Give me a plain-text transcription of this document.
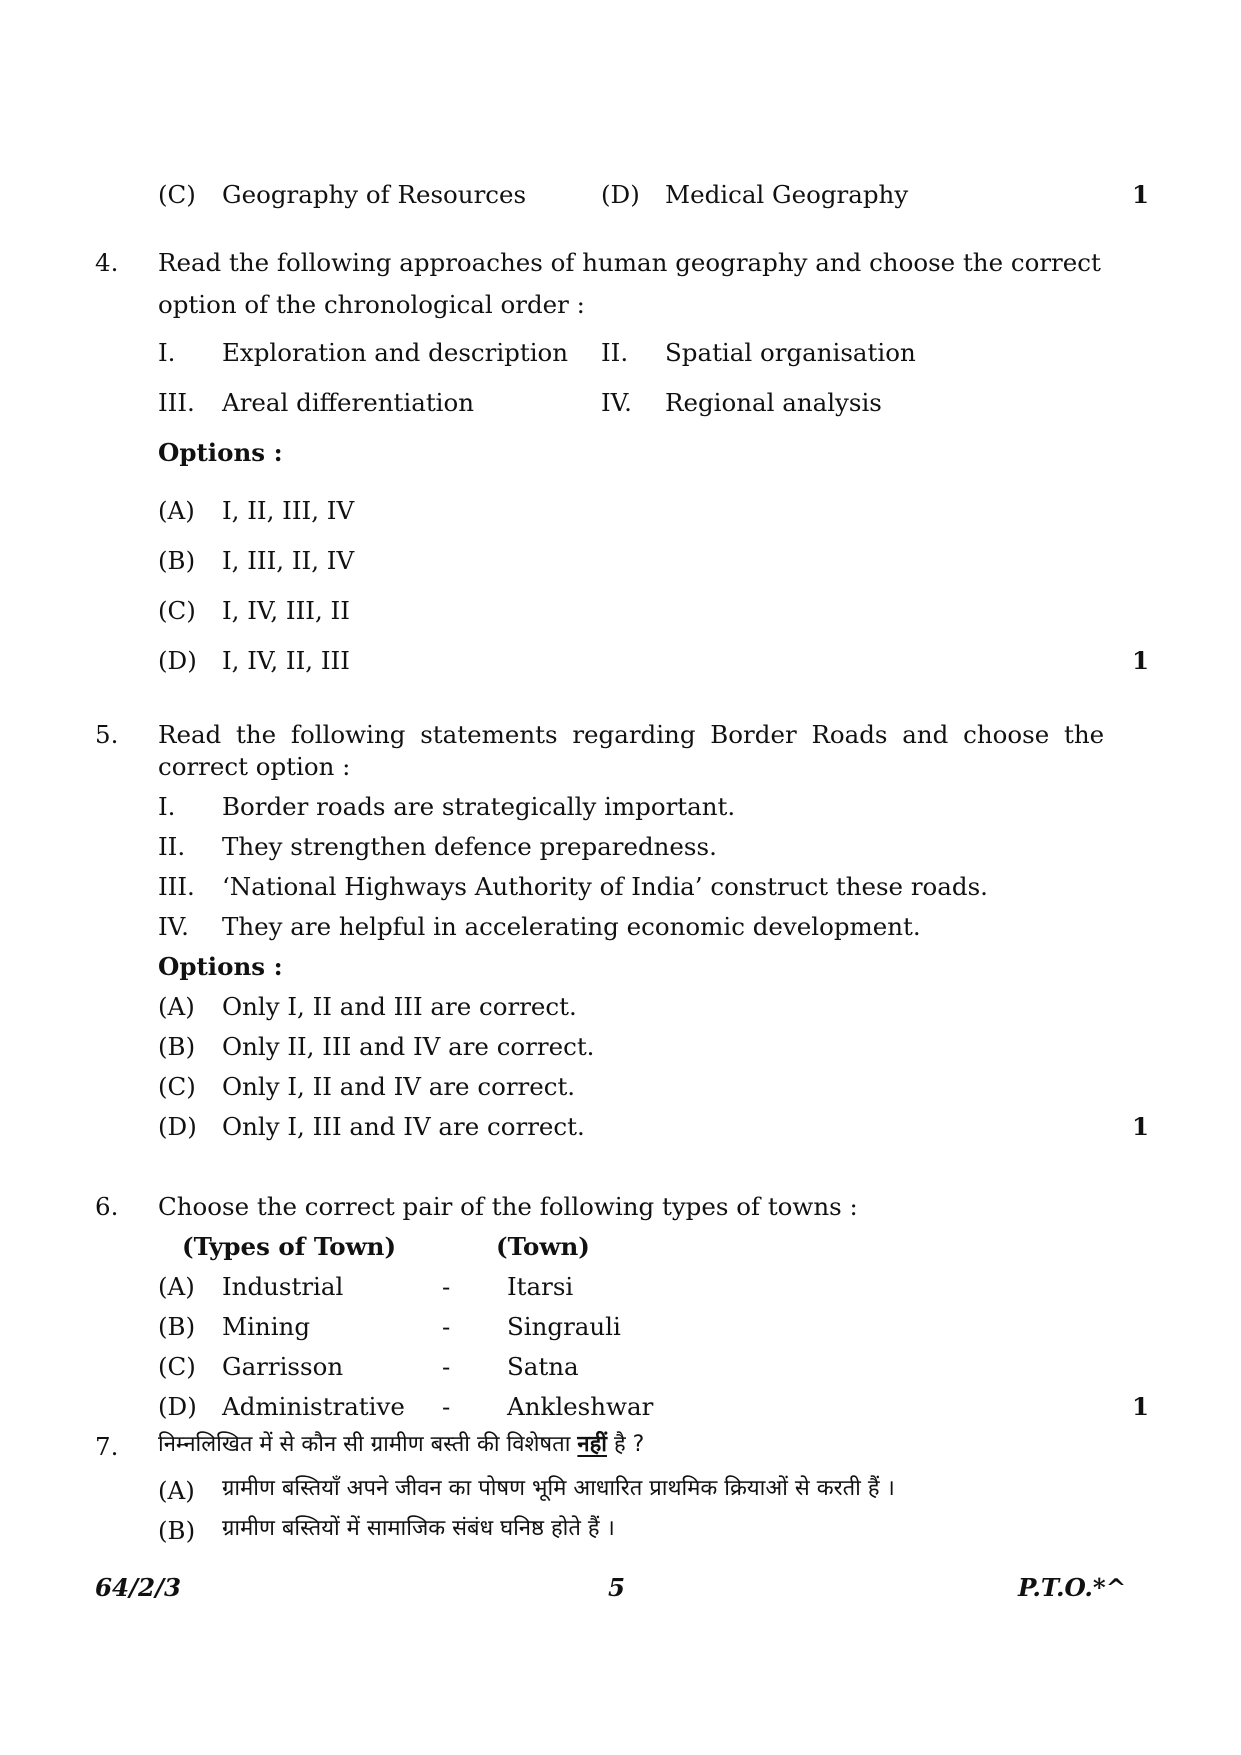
(C) Geography of Resources	(D) Medical Geography	1
4. Read the following approaches of human geography and choose the correct
option of the chronological order :
I. Exploration and description II. Spatial organisation
III. Areal differentiation	IV. Regional analysis
Options :
(A) I, II, III, IV
(B) I, III, II, IV
(C) I, IV, III, II
(D) I, IV, II, III	1
5. Read the following statements regarding Border Roads and choose the
correct option :
I. Border roads are strategically important.
II. They strengthen defence preparedness.
III. ‘National Highways Authority of India’ construct these roads.
IV. They are helpful in accelerating economic development.
Options :
(A) Only I, II and III are correct.
(B) Only II, III and IV are correct.
(C) Only I, II and IV are correct.
(D) Only I, III and IV are correct.	1
6. Choose the correct pair of the following types of towns :
(Types of Town)	(Town)
(A) Industrial	- Itarsi
(B) Mining	- Singrauli
(C) Garrisson	- Satna
(D) Administrative - Ankleshwar	1
7. निम्नलिखित में से कौन सी ग्रामीण बस्ती की विशेषता नहीं है ?
(A) ग्रामीण बस्तियाँ अपने जीवन का पोषण भूमि आधारित प्राथमिक क्रियाओं से करती हैं ।
(B) ग्रामीण बस्तियों में सामाजिक संबंध घनिष्ठ होते हैं ।
64/2/3	5	P.T.O.*^
